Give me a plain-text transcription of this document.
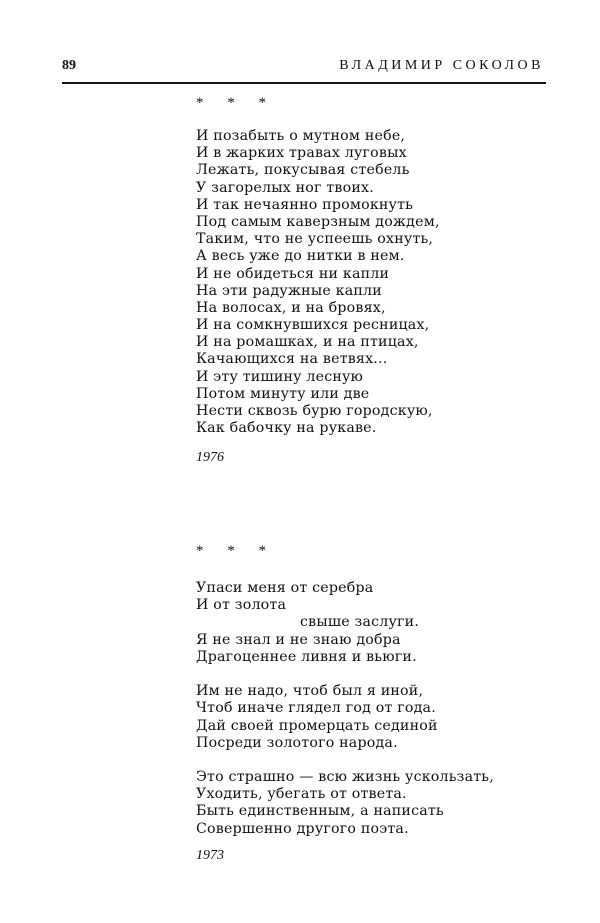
89	ВЛАДИМИР СОКОЛОВ
* * *
И позабыть о мутном небе,
И в жарких травах луговых
Лежать, покусывая стебель
У загорелых ног твоих.
И так нечаянно промокнуть
Под самым каверзным дождем,
Таким, что не успеешь охнуть,
А весь уже до нитки в нем.
И не обидеться ни капли
На эти радужные капли
На волосах, и на бровях,
И на сомкнувшихся ресницах,
И на ромашках, и на птицах,
Качающихся на ветвях...
И эту тишину лесную
Потом минуту или две
Нести сквозь бурю городскую,
Как бабочку на рукаве.
1976
* * *
Упаси меня от серебра
И от золота
свыше заслуги.
Я не знал и не знаю добра
Драгоценнее ливня и вьюги.
Им не надо, чтоб был я иной,
Чтоб иначе глядел год от года.
Дай своей промерцать сединой
Посреди золотого народа.
Это страшно — всю жизнь ускользать,
Уходить, убегать от ответа.
Быть единственным, а написать
Совершенно другого поэта.
1973
